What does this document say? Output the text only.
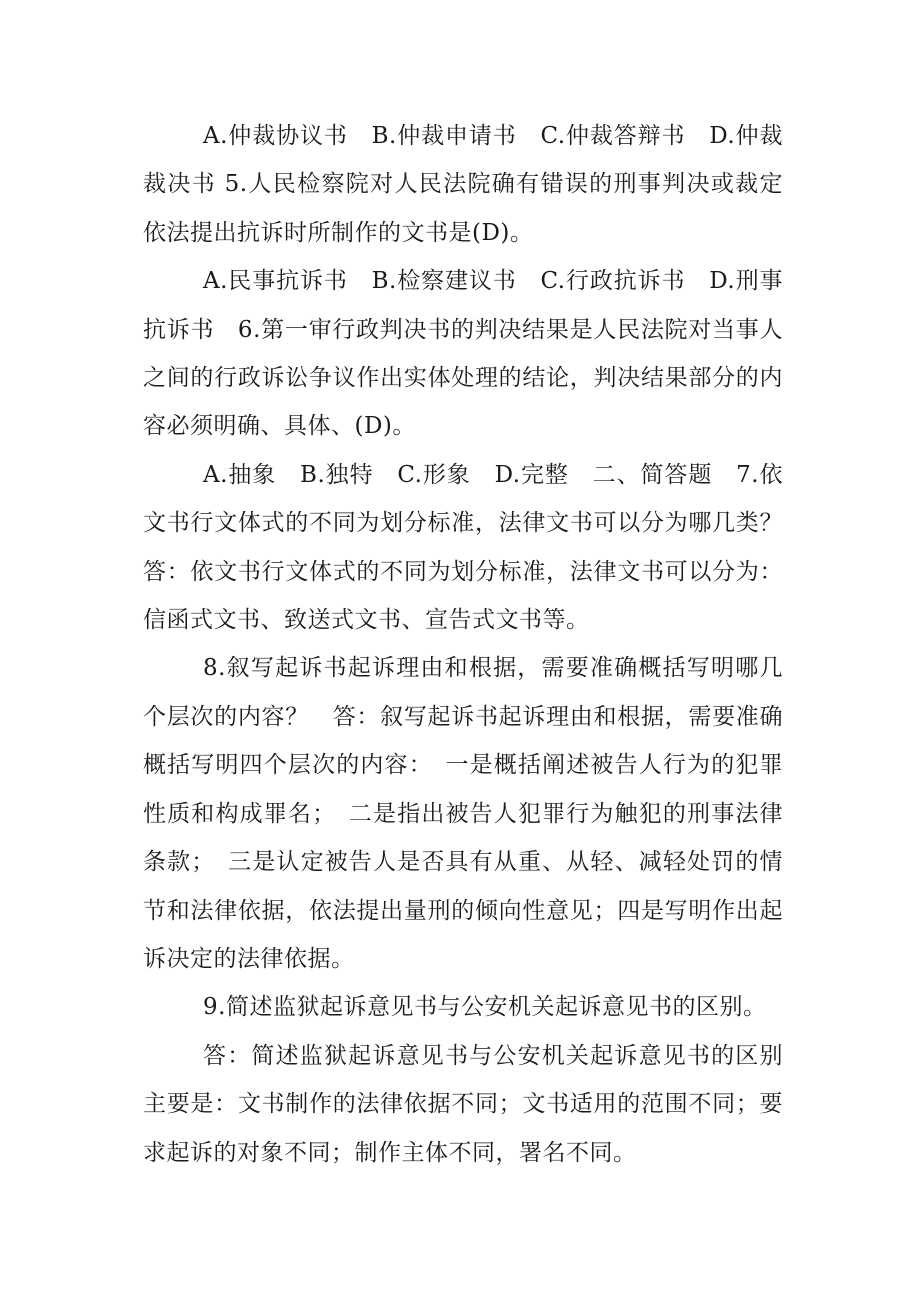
A.仲裁协议书　B.仲裁申请书　C.仲裁答辩书　D.仲裁裁决书 5.人民检察院对人民法院确有错误的刑事判决或裁定依法提出抗诉时所制作的文书是(D)。

A.民事抗诉书　B.检察建议书　C.行政抗诉书　D.刑事抗诉书　6.第一审行政判决书的判决结果是人民法院对当事人之间的行政诉讼争议作出实体处理的结论，判决结果部分的内容必须明确、具体、(D)。

A.抽象　B.独特　C.形象　D.完整　二、简答题　7.依文书行文体式的不同为划分标准，法律文书可以分为哪几类？　答：依文书行文体式的不同为划分标准，法律文书可以分为：信函式文书、致送式文书、宣告式文书等。

8.叙写起诉书起诉理由和根据，需要准确概括写明哪几个层次的内容？　答：叙写起诉书起诉理由和根据，需要准确概括写明四个层次的内容：　一是概括阐述被告人行为的犯罪性质和构成罪名；　二是指出被告人犯罪行为触犯的刑事法律条款；　三是认定被告人是否具有从重、从轻、减轻处罚的情节和法律依据，依法提出量刑的倾向性意见；四是写明作出起诉决定的法律依据。

9.简述监狱起诉意见书与公安机关起诉意见书的区别。

答：简述监狱起诉意见书与公安机关起诉意见书的区别主要是：文书制作的法律依据不同；文书适用的范围不同；要求起诉的对象不同；制作主体不同，署名不同。
